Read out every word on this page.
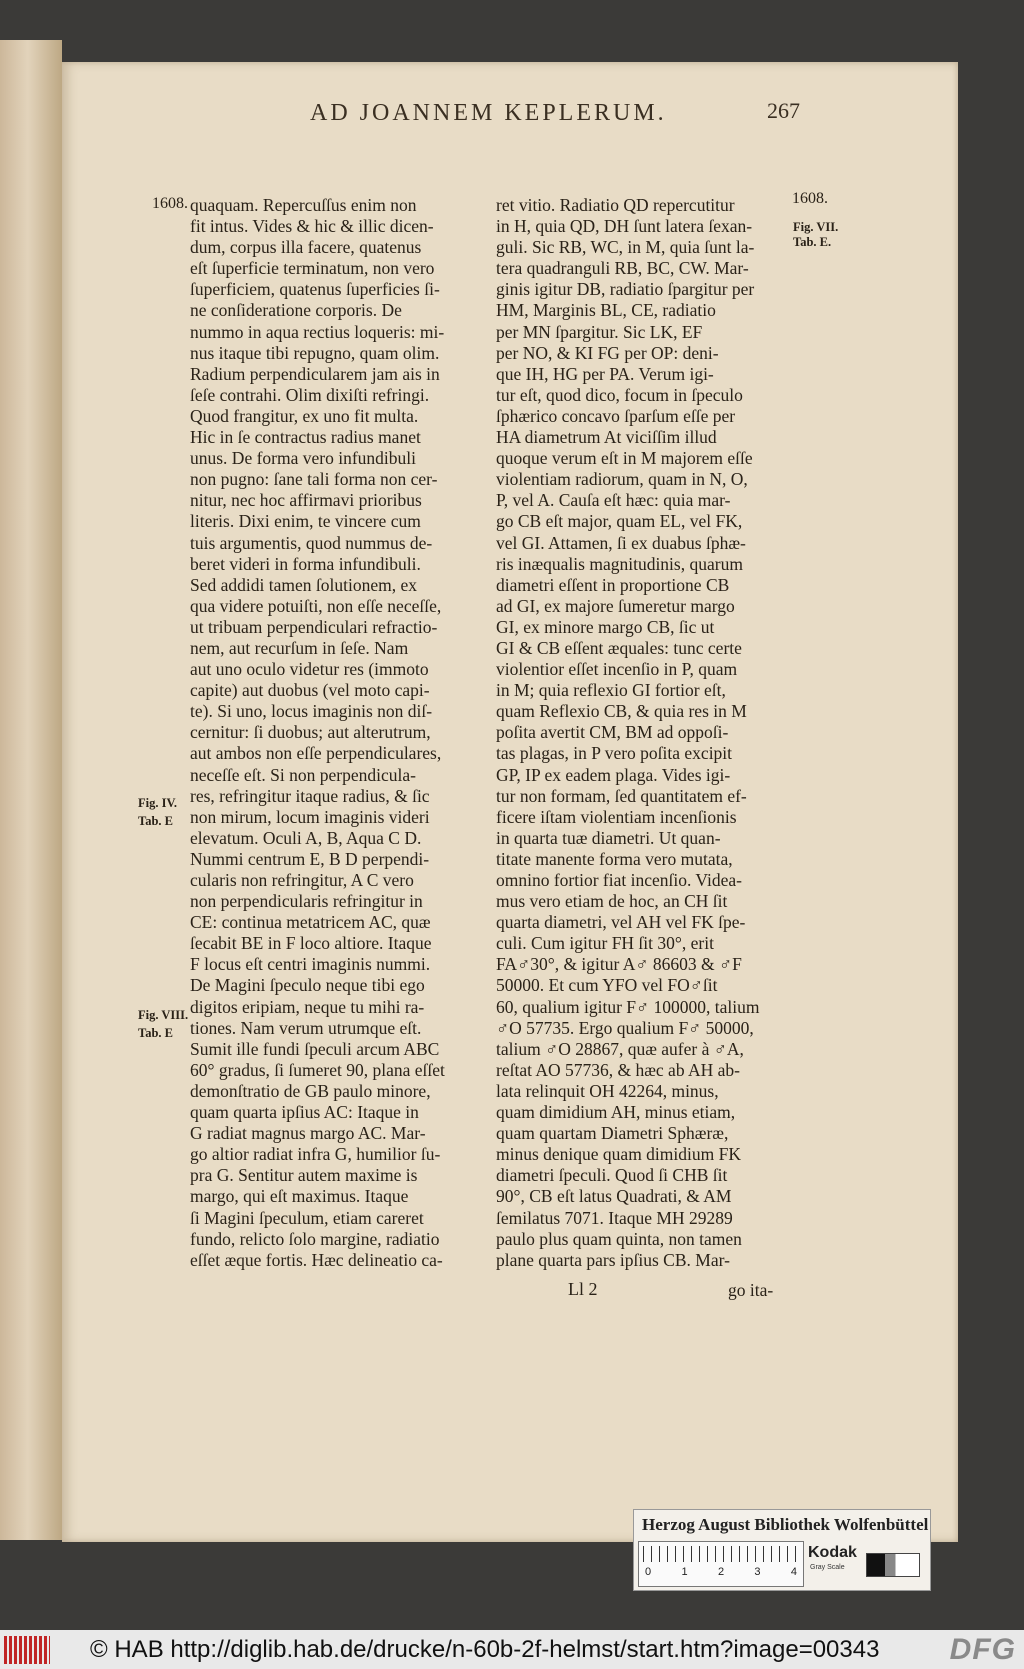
AD JOANNEM KEPLERUM.	267
1608.	1608.
Fig. VII. Tab. E.
Fig. IV.
Tab. E
Fig. VIII.
Tab. E
quaquam. Repercuſſus enim non
fit intus. Vides & hic & illic dicen-
dum, corpus illa facere, quatenus
eſt ſuperficie terminatum, non vero
ſuperficiem, quatenus ſuperficies ſi-
ne conſideratione corporis. De
nummo in aqua rectius loqueris: mi-
nus itaque tibi repugno, quam olim.
Radium perpendicularem jam ais in
ſeſe contrahi. Olim dixiſti refringi.
Quod frangitur, ex uno fit multa.
Hic in ſe contractus radius manet
unus. De forma vero infundibuli
non pugno: ſane tali forma non cer-
nitur, nec hoc affirmavi prioribus
literis. Dixi enim, te vincere cum
tuis argumentis, quod nummus de-
beret videri in forma infundibuli.
Sed addidi tamen ſolutionem, ex
qua videre potuiſti, non eſſe neceſſe,
ut tribuam perpendiculari refractio-
nem, aut recurſum in ſeſe. Nam
aut uno oculo videtur res (immoto
capite) aut duobus (vel moto capi-
te). Si uno, locus imaginis non diſ-
cernitur: ſi duobus; aut alterutrum,
aut ambos non eſſe perpendiculares,
neceſſe eſt. Si non perpendicula-
res, refringitur itaque radius, & ſic
non mirum, locum imaginis videri
elevatum. Oculi A, B, Aqua C D.
Nummi centrum E, B D perpendi-
cularis non refringitur, A C vero
non perpendicularis refringitur in
CE: continua metatricem AC, quæ
ſecabit BE in F loco altiore. Itaque
F locus eſt centri imaginis nummi.
De Magini ſpeculo neque tibi ego
digitos eripiam, neque tu mihi ra-
tiones. Nam verum utrumque eſt.
Sumit ille fundi ſpeculi arcum ABC
60° gradus, ſi ſumeret 90, plana eſſet
demonſtratio de GB paulo minore,
quam quarta ipſius AC: Itaque in
G radiat magnus margo AC. Mar-
go altior radiat infra G, humilior ſu-
pra G. Sentitur autem maxime is
margo, qui eſt maximus. Itaque
ſi Magini ſpeculum, etiam careret
fundo, relicto ſolo margine, radiatio
eſſet æque fortis. Hæc delineatio ca-
ret vitio. Radiatio QD repercutitur
in H, quia QD, DH ſunt latera ſexan-
guli. Sic RB, WC, in M, quia ſunt la-
tera quadranguli RB, BC, CW. Mar-
ginis igitur DB, radiatio ſpargitur per
HM, Marginis BL, CE, radiatio
per MN ſpargitur. Sic LK, EF
per NO, & KI FG per OP: deni-
que IH, HG per PA. Verum igi-
tur eſt, quod dico, focum in ſpeculo
ſphærico concavo ſparſum eſſe per
HA diametrum At viciſſim illud
quoque verum eſt in M majorem eſſe
violentiam radiorum, quam in N, O,
P, vel A. Cauſa eſt hæc: quia mar-
go CB eſt major, quam EL, vel FK,
vel GI. Attamen, ſi ex duabus ſphæ-
ris inæqualis magnitudinis, quarum
diametri eſſent in proportione CB
ad GI, ex majore ſumeretur margo
GI, ex minore margo CB, ſic ut
GI & CB eſſent æquales: tunc certe
violentior eſſet incenſio in P, quam
in M; quia reflexio GI fortior eſt,
quam Reflexio CB, & quia res in M
poſita avertit CM, BM ad oppoſi-
tas plagas, in P vero poſita excipit
GP, IP ex eadem plaga. Vides igi-
tur non formam, ſed quantitatem ef-
ficere iſtam violentiam incenſionis
in quarta tuæ diametri. Ut quan-
titate manente forma vero mutata,
omnino fortior fiat incenſio. Videa-
mus vero etiam de hoc, an CH ſit
quarta diametri, vel AH vel FK ſpe-
culi. Cum igitur FH ſit 30°, erit
FA♂30°, & igitur A♂ 86603 & ♂F
50000. Et cum YFO vel FO♂ſit
60, qualium igitur F♂ 100000, talium
♂O 57735. Ergo qualium F♂ 50000,
talium ♂O 28867, quæ aufer à ♂A,
reſtat AO 57736, & hæc ab AH ab-
lata relinquit OH 42264, minus,
quam dimidium AH, minus etiam,
quam quartam Diametri Sphæræ,
minus denique quam dimidium FK
diametri ſpeculi. Quod ſi CHB ſit
90°, CB eſt latus Quadrati, & AM
ſemilatus 7071. Itaque MH 29289
paulo plus quam quinta, non tamen
plane quarta pars ipſius CB. Mar-
Ll 2	go ita-
Herzog August Bibliothek Wolfenbüttel
0	1	2	3	4
Kodak
Gray Scale
© HAB http://diglib.hab.de/drucke/n-60b-2f-helmst/start.htm?image=00343 DFG
